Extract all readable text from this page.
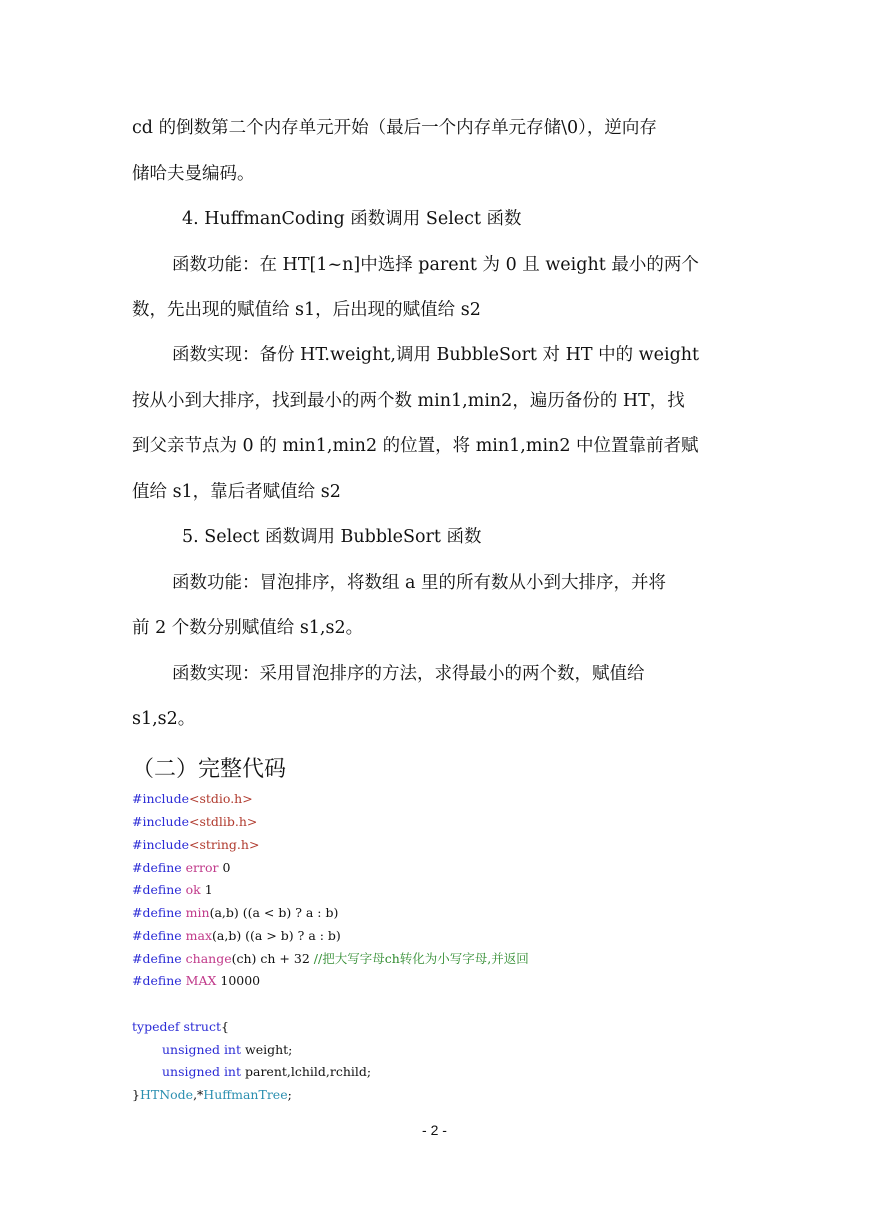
cd 的倒数第二个内存单元开始（最后一个内存单元存储\0），逆向存
储哈夫曼编码。
4. HuffmanCoding 函数调用 Select 函数
函数功能：在 HT[1~n]中选择 parent 为 0 且 weight 最小的两个
数，先出现的赋值给 s1，后出现的赋值给 s2
函数实现：备份 HT.weight,调用 BubbleSort 对 HT 中的 weight
按从小到大排序，找到最小的两个数 min1,min2，遍历备份的 HT，找
到父亲节点为 0 的 min1,min2 的位置，将 min1,min2 中位置靠前者赋
值给 s1，靠后者赋值给 s2
5. Select 函数调用 BubbleSort 函数
函数功能：冒泡排序，将数组 a 里的所有数从小到大排序，并将
前 2 个数分别赋值给 s1,s2。
函数实现：采用冒泡排序的方法，求得最小的两个数，赋值给
s1,s2。
（二）完整代码
#include<stdio.h>
#include<stdlib.h>
#include<string.h>
#define error 0
#define ok 1
#define min(a,b) ((a < b) ? a : b)
#define max(a,b) ((a > b) ? a : b)
#define change(ch) ch + 32 //把大写字母ch转化为小写字母,并返回
#define MAX 10000
typedef struct{
unsigned int weight;
unsigned int parent,lchild,rchild;
}HTNode,*HuffmanTree;
- 2 -
